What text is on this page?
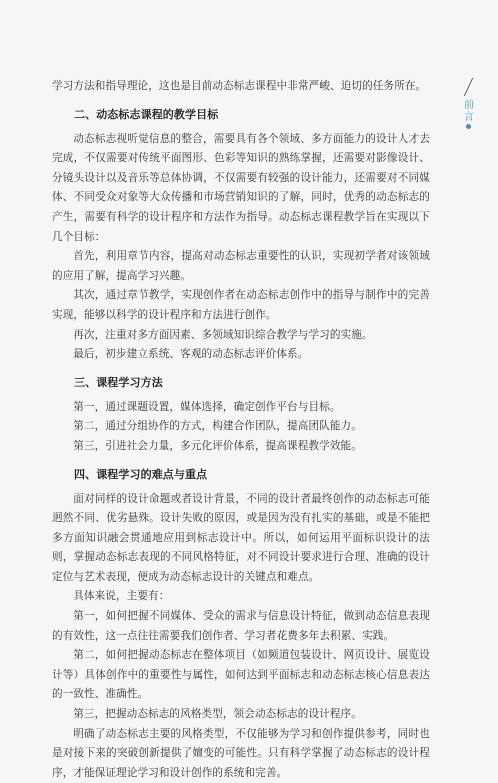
前言

学习方法和指导理论，这也是目前动态标志课程中非常严峻、迫切的任务所在。

二、动态标志课程的教学目标

动态标志视听觉信息的整合，需要具有各个领域、多方面能力的设计人才去完成，不仅需要对传统平面图形、色彩等知识的熟练掌握，还需要对影像设计、分镜头设计以及音乐等总体协调，不仅需要有较强的设计能力，还需要对不同媒体、不同受众对象等大众传播和市场营销知识的了解，同时，优秀的动态标志的产生，需要有科学的设计程序和方法作为指导。动态标志课程教学旨在实现以下几个目标：

首先，利用章节内容，提高对动态标志重要性的认识，实现初学者对该领域的应用了解，提高学习兴趣。

其次，通过章节教学，实现创作者在动态标志创作中的指导与制作中的完善实现，能够以科学的设计程序和方法进行创作。

再次，注重对多方面因素、多领域知识综合教学与学习的实施。

最后，初步建立系统、客观的动态标志评价体系。

三、课程学习方法

第一，通过课题设置，媒体选择，确定创作平台与目标。

第二，通过分组协作的方式，构建合作团队，提高团队能力。

第三，引进社会力量，多元化评价体系，提高课程教学效能。

四、课程学习的难点与重点

面对同样的设计命题或者设计背景，不同的设计者最终创作的动态标志可能迥然不同、优劣悬殊。设计失败的原因，或是因为没有扎实的基础，或是不能把多方面知识融会贯通地应用到标志设计中。所以，如何运用平面标识设计的法则，掌握动态标志表现的不同风格特征，对不同设计要求进行合理、准确的设计定位与艺术表现，便成为动态标志设计的关键点和难点。

具体来说，主要有：

第一，如何把握不同媒体、受众的需求与信息设计特征，做到动态信息表现的有效性，这一点往往需要我们创作者、学习者花费多年去积累、实践。

第二，如何把握动态标志在整体项目（如频道包装设计、网页设计、展览设计等）具体创作中的重要性与属性，如何达到平面标志和动态标志核心信息表达的一致性、准确性。

第三，把握动态标志的风格类型，领会动态标志的设计程序。

明确了动态标志主要的风格类型，不仅能够为学习和创作提供参考，同时也是对接下来的突破创新提供了嬗变的可能性。只有科学掌握了动态标志的设计程序，才能保证理论学习和设计创作的系统和完善。
